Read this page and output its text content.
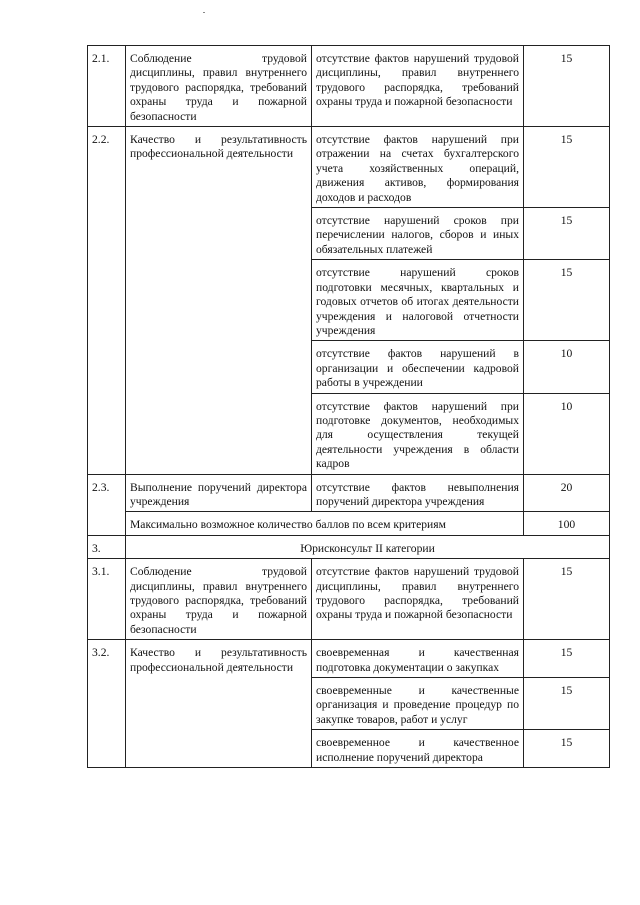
2.1.	Соблюдение трудовой дисциплины, правил внутреннего трудового распорядка, требований охраны труда и пожарной безопасности	отсутствие фактов нарушений трудовой дисциплины, правил внутреннего трудового распорядка, требований охраны труда и пожарной безопасности	15
2.2.	Качество и результативность профессиональной деятельности	отсутствие фактов нарушений при отражении на счетах бухгалтерского учета хозяйственных операций, движения активов, формирования доходов и расходов	15
		отсутствие нарушений сроков при перечислении налогов, сборов и иных обязательных платежей	15
		отсутствие нарушений сроков подготовки месячных, квартальных и годовых отчетов об итогах деятельности учреждения и налоговой отчетности учреждения	15
		отсутствие фактов нарушений в организации и обеспечении кадровой работы в учреждении	10
		отсутствие фактов нарушений при подготовке документов, необходимых для осуществления текущей деятельности учреждения в области кадров	10
2.3.	Выполнение поручений директора учреждения	отсутствие фактов невыполнения поручений директора учреждения	20
	Максимально возможное количество баллов по всем критериям		100
3.	Юрисконсульт II категории		
3.1.	Соблюдение трудовой дисциплины, правил внутреннего трудового распорядка, требований охраны труда и пожарной безопасности	отсутствие фактов нарушений трудовой дисциплины, правил внутреннего трудового распорядка, требований охраны труда и пожарной безопасности	15
3.2.	Качество и результативность профессиональной деятельности	своевременная и качественная подготовка документации о закупках	15
		своевременные и качественные организация и проведение процедур по закупке товаров, работ и услуг	15
		своевременное и качественное исполнение поручений директора	15
